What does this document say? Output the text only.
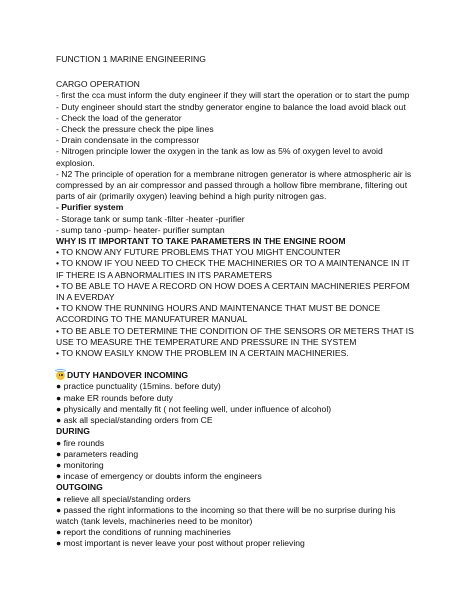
FUNCTION 1 MARINE ENGINEERING

CARGO OPERATION

- first the cca must inform the duty engineer if they will start the operation or to start the pump

- Duty engineer should start the stndby generator engine to balance the load avoid black out

- Check the load of the generator

- Check the pressure check the pipe lines

- Drain condensate in the compressor

- Nitrogen principle lower the oxygen in the tank as low as 5% of oxygen level to avoid explosion.

- N2 The principle of operation for a membrane nitrogen generator is where atmospheric air is compressed by an air compressor and passed through a hollow fibre membrane, filtering out parts of air (primarily oxygen) leaving behind a high purity nitrogen gas.

- Purifier system

- Storage tank or sump tank -filter -heater -purifier

- sump tano -pump- heater- purifier sumptan

WHY IS IT IMPORTANT TO TAKE PARAMETERS IN THE ENGINE ROOM

• TO KNOW ANY FUTURE PROBLEMS THAT YOU MIGHT ENCOUNTER

• TO KNOW IF YOU NEED TO CHECK THE MACHINERIES OR TO A MAINTENANCE IN IT IF THERE IS A ABNORMALITIES IN ITS PARAMETERS

• TO BE ABLE TO HAVE A RECORD ON HOW DOES A CERTAIN MACHINERIES PERFOM IN A EVERDAY

• TO KNOW THE RUNNING HOURS AND MAINTENANCE THAT MUST BE DONCE ACCORDING TO THE MANUFATURER MANUAL

• TO BE ABLE TO DETERMINE THE CONDITION OF THE SENSORS OR METERS THAT IS USE TO MEASURE THE TEMPERATURE AND PRESSURE IN THE SYSTEM

• TO KNOW EASILY KNOW THE PROBLEM IN A CERTAIN MACHINERIES.

DUTY HANDOVER INCOMING

● practice punctuality (15mins. before duty)

● make ER rounds before duty

● physically and mentally fit ( not feeling well, under influence of alcohol)

● ask all special/standing orders from CE

DURING

● fire rounds

● parameters reading

● monitoring

● incase of emergency or doubts inform the engineers

OUTGOING

● relieve all special/standing orders

● passed the right informations to the incoming so that there will be no surprise during his watch (tank levels, machineries need to be monitor)

● report the conditions of running machineries

● most important is never leave your post without proper relieving
